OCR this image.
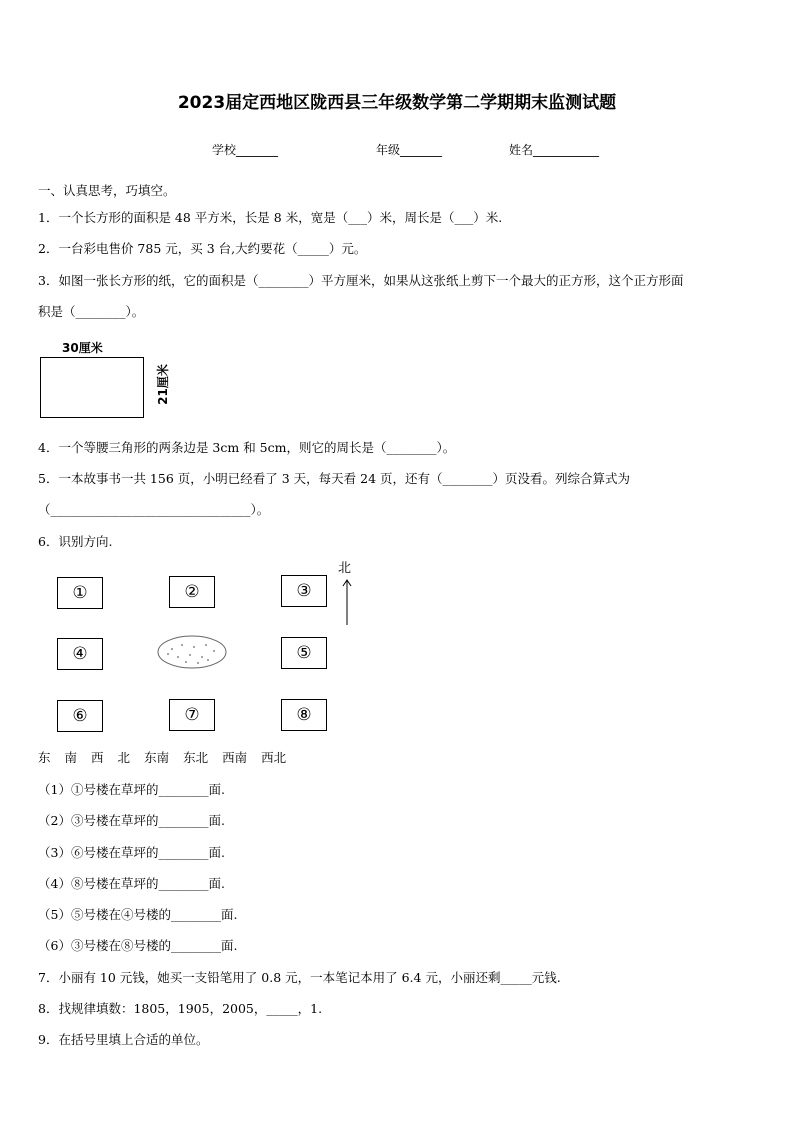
2023届定西地区陇西县三年级数学第二学期期末监测试题
学校_______	年级_______	姓名___________
一、认真思考，巧填空。
1．一个长方形的面积是 48 平方米，长是 8 米，宽是（___）米，周长是（___）米.
2．一台彩电售价 785 元，买 3 台,大约要花（_____）元。
3．如图一张长方形的纸，它的面积是（________）平方厘米，如果从这张纸上剪下一个最大的正方形，这个正方形面
积是（________）。
30厘米
21厘米
4．一个等腰三角形的两条边是 3cm 和 5cm，则它的周长是（________）。
5．一本故事书一共 156 页，小明已经看了 3 天，每天看 24 页，还有（________）页没看。列综合算式为
（________________________________）。
6．识别方向.
北
①	②	③
④	⑤
⑥	⑦	⑧
东 南 西 北 东南 东北 西南 西北
（1）①号楼在草坪的________面.
（2）③号楼在草坪的________面.
（3）⑥号楼在草坪的________面.
（4）⑧号楼在草坪的________面.
（5）⑤号楼在④号楼的________面.
（6）③号楼在⑧号楼的________面.
7．小丽有 10 元钱，她买一支铅笔用了 0.8 元，一本笔记本用了 6.4 元，小丽还剩_____元钱.
8．找规律填数：1805，1905，2005，_____，1.
9．在括号里填上合适的单位。
